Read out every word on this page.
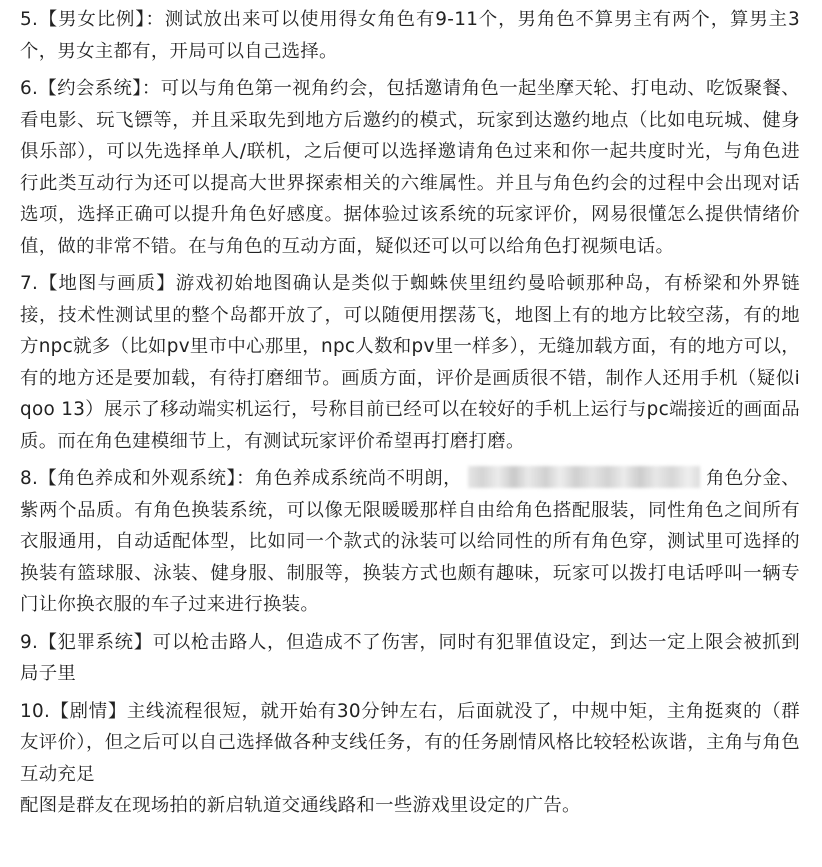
5.【男女比例】：测试放出来可以使用得女角色有9-11个，男角色不算男主有两个，算男主3个，男女主都有，开局可以自己选择。

6.【约会系统】：可以与角色第一视角约会，包括邀请角色一起坐摩天轮、打电动、吃饭聚餐、看电影、玩飞镖等，并且采取先到地方后邀约的模式，玩家到达邀约地点（比如电玩城、健身俱乐部），可以先选择单人/联机，之后便可以选择邀请角色过来和你一起共度时光，与角色进行此类互动行为还可以提高大世界探索相关的六维属性。并且与角色约会的过程中会出现对话选项，选择正确可以提升角色好感度。据体验过该系统的玩家评价，网易很懂怎么提供情绪价值，做的非常不错。在与角色的互动方面，疑似还可以可以给角色打视频电话。

7.【地图与画质】游戏初始地图确认是类似于蜘蛛侠里纽约曼哈顿那种岛，有桥梁和外界链接，技术性测试里的整个岛都开放了，可以随便用摆荡飞，地图上有的地方比较空荡，有的地方npc就多（比如pv里市中心那里，npc人数和pv里一样多），无缝加载方面，有的地方可以，有的地方还是要加载，有待打磨细节。画质方面，评价是画质很不错，制作人还用手机（疑似iqoo 13）展示了移动端实机运行，号称目前已经可以在较好的手机上运行与pc端接近的画面品质。而在角色建模细节上，有测试玩家评价希望再打磨打磨。

8.【角色养成和外观系统】：角色养成系统尚不明朗，	角色分金、紫两个品质。有角色换装系统，可以像无限暖暖那样自由给角色搭配服装，同性角色之间所有衣服通用，自动适配体型，比如同一个款式的泳装可以给同性的所有角色穿，测试里可选择的换装有篮球服、泳装、健身服、制服等，换装方式也颇有趣味，玩家可以拨打电话呼叫一辆专门让你换衣服的车子过来进行换装。

9.【犯罪系统】可以枪击路人，但造成不了伤害，同时有犯罪值设定，到达一定上限会被抓到局子里

10.【剧情】主线流程很短，就开始有30分钟左右，后面就没了，中规中矩，主角挺爽的（群友评价），但之后可以自己选择做各种支线任务，有的任务剧情风格比较轻松诙谐，主角与角色互动充足

配图是群友在现场拍的新启轨道交通线路和一些游戏里设定的广告。
